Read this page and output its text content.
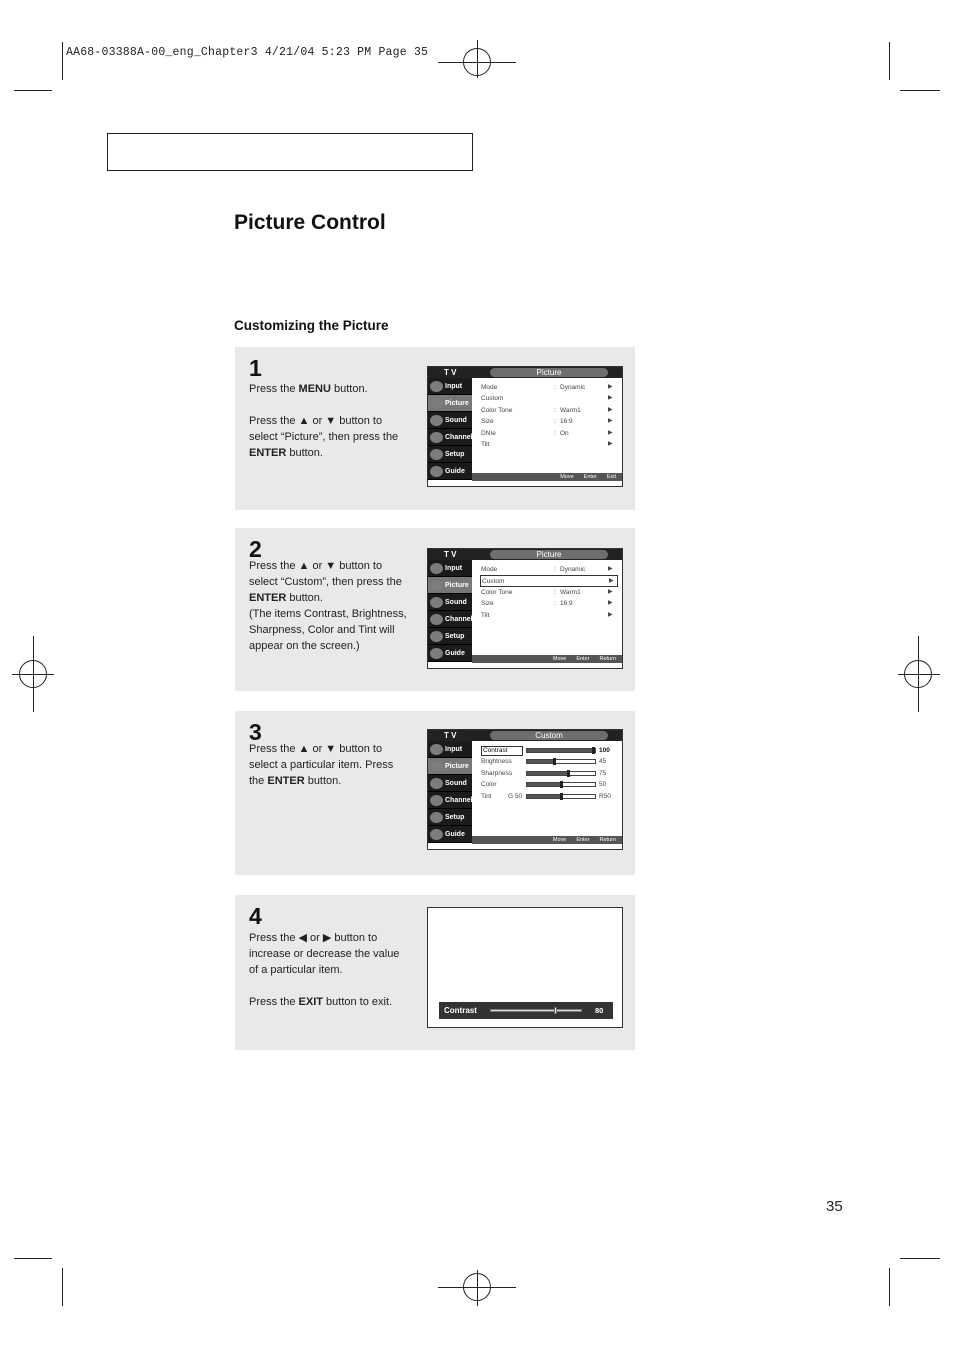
AA68-03388A-00_eng_Chapter3 4/21/04 5:23 PM Page 35
Picture Control
Customizing the Picture
1

Press the MENU button.

Press the ▲ or ▼ button to select “Picture”, then press the ENTER button.

T V	Picture
Input
Picture
Sound
Channel
Setup
Guide
Mode	: Dynamic	▶
Custom	▶
Color Tone	: Warm1	▶
Size	: 16:9	▶
DNIe	: On	▶
Tilt	▶
Move Enter Exit
2

Press the ▲ or ▼ button to select “Custom”, then press the ENTER button.

(The items Contrast, Brightness, Sharpness, Color and Tint will appear on the screen.)

T V	Picture
Input
Picture
Sound
Channel
Setup
Guide
Mode	: Dynamic	▶
Custom	▶
Color Tone	: Warm1	▶
Size	: 16:9	▶
Tilt	▶
Move Enter Return
3

Press the ▲ or ▼ button to select a particular item. Press the ENTER button.

T V	Custom
Input
Picture
Sound
Channel
Setup
Guide
Contrast	100
Brightness	45
Sharpness	75
Color	50
Tint	G 50	R50
Move Enter Return
4

Press the ◀ or ▶ button to increase or decrease the value of a particular item.

Press the EXIT button to exit.

Contrast	80
35
